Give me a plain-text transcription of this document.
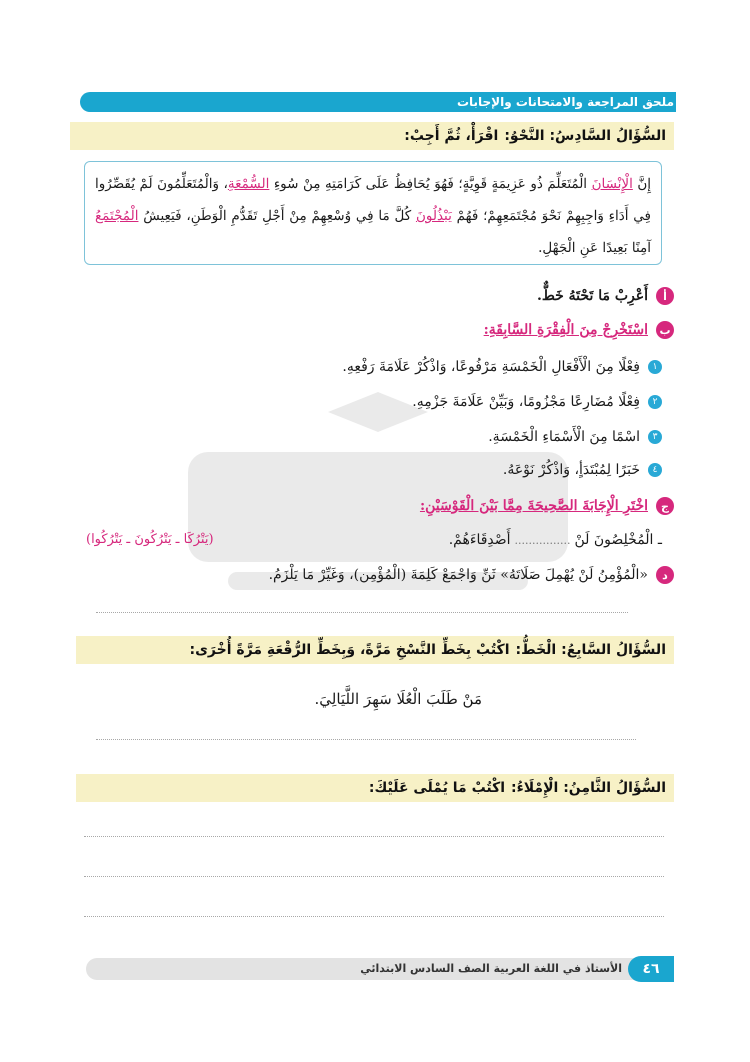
ملحق المراجعة والامتحانات والإجابات
السُّؤَالُ السَّادِسُ: النَّحْوُ:
اقْرَأْ، ثُمَّ أَجِبْ:
إِنَّ الْإِنْسَانَ الْمُتَعَلِّمَ ذُو عَزِيمَةٍ قَوِيَّةٍ؛ فَهُوَ يُحَافِظُ عَلَى كَرَامَتِهِ مِنْ سُوءِ السُّمْعَةِ، وَالْمُتَعَلِّمُونَ لَمْ يُقَصِّرُوا فِي أَدَاءِ وَاجِبِهِمْ نَحْوَ مُجْتَمَعِهِمْ؛ فَهُمْ يَبْذُلُونَ كُلَّ مَا فِي وُسْعِهِمْ مِنْ أَجْلِ تَقَدُّمِ الْوَطَنِ، فَيَعِيشُ الْمُجْتَمَعُ آمِنًا بَعِيدًا عَنِ الْجَهْلِ.
أ
أَعْرِبْ مَا تَحْتَهُ خَطٌّ.
ب
اسْتَخْرِجْ مِنَ الْفِقْرَةِ السَّابِقَةِ:
١
فِعْلًا مِنَ الْأَفْعَالِ الْخَمْسَةِ مَرْفُوعًا، وَاذْكُرْ عَلَامَةَ رَفْعِهِ.
٢
فِعْلًا مُضَارِعًا مَجْزُومًا، وَبَيِّنْ عَلَامَةَ جَزْمِهِ.
٣
اسْمًا مِنَ الْأَسْمَاءِ الْخَمْسَةِ.
٤
خَبَرًا لِمُبْتَدَأٍ، وَاذْكُرْ نَوْعَهُ.
ج
اخْتَرِ الْإِجَابَةَ الصَّحِيحَةَ مِمَّا بَيْنَ الْقَوْسَيْنِ:
ـ الْمُخْلِصُونَ لَنْ
................
أَصْدِقَاءَهُمْ.
(يَتْرُكَا ـ يَتْرُكُونَ ـ يَتْرُكُوا)
د
«الْمُؤْمِنُ لَنْ يُهْمِلَ صَلَاتَهُ» ثَنِّ وَاجْمَعْ كَلِمَةَ (الْمُؤْمِن)، وَغَيِّرْ مَا يَلْزَمُ.
السُّؤَالُ السَّابِعُ: الْخَطُّ:
اكْتُبْ بِخَطِّ النَّسْخِ مَرَّةً، وَبِخَطِّ الرُّقْعَةِ مَرَّةً أُخْرَى:
مَنْ طَلَبَ الْعُلَا سَهِرَ اللَّيَالِيَ.
السُّؤَالُ الثَّامِنُ: الْإِمْلَاءُ:
اكْتُبْ مَا يُمْلَى عَلَيْكَ:
الأستاذ في اللغة العربية الصف السادس الابتدائي	٤٦
